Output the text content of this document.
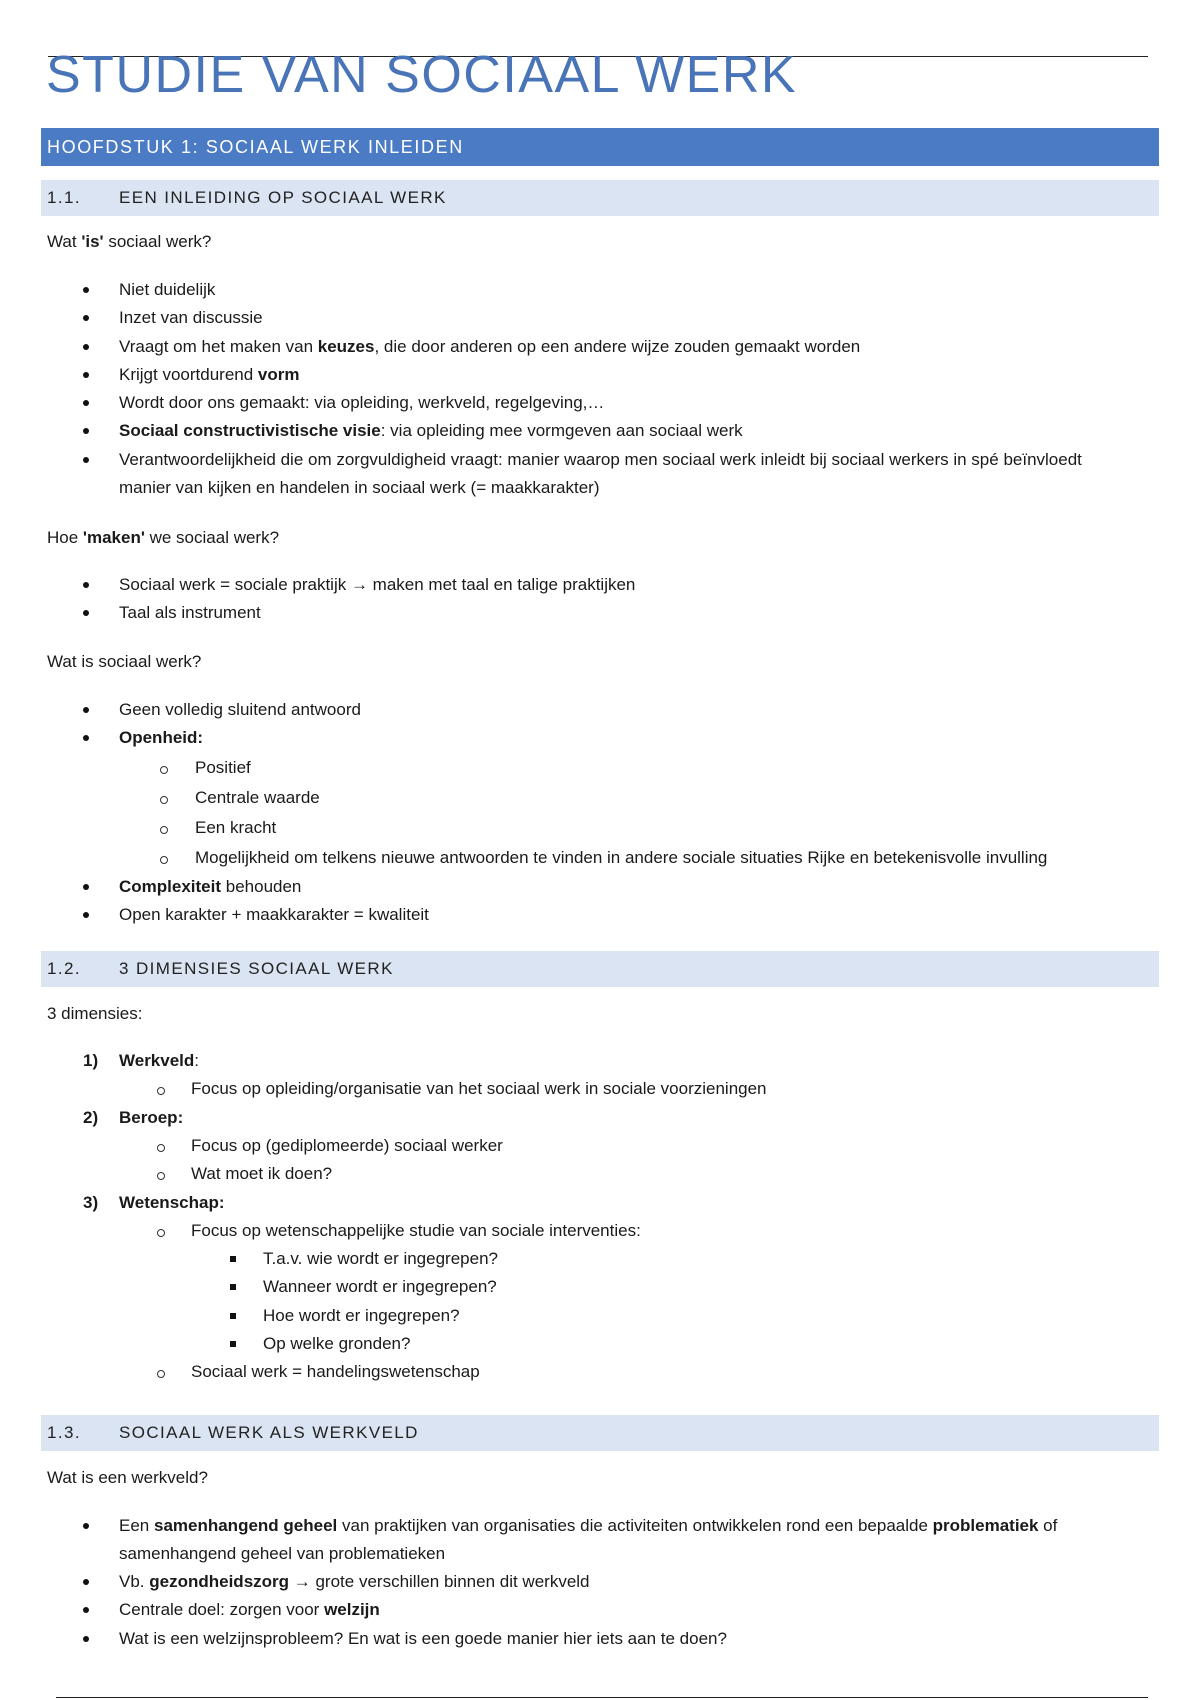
STUDIE VAN SOCIAAL WERK
HOOFDSTUK 1: SOCIAAL WERK INLEIDEN
1.1. EEN INLEIDING OP SOCIAAL WERK
Wat 'is' sociaal werk?
Niet duidelijk
Inzet van discussie
Vraagt om het maken van keuzes, die door anderen op een andere wijze zouden gemaakt worden
Krijgt voortdurend vorm
Wordt door ons gemaakt: via opleiding, werkveld, regelgeving,…
Sociaal constructivistische visie: via opleiding mee vormgeven aan sociaal werk
Verantwoordelijkheid die om zorgvuldigheid vraagt: manier waarop men sociaal werk inleidt bij sociaal werkers in spé beïnvloedt manier van kijken en handelen in sociaal werk (= maakkarakter)
Hoe 'maken' we sociaal werk?
Sociaal werk = sociale praktijk → maken met taal en talige praktijken
Taal als instrument
Wat is sociaal werk?
Geen volledig sluitend antwoord
Openheid:
Positief
Centrale waarde
Een kracht
Mogelijkheid om telkens nieuwe antwoorden te vinden in andere sociale situaties Rijke en betekenisvolle invulling
Complexiteit behouden
Open karakter + maakkarakter = kwaliteit
1.2. 3 DIMENSIES SOCIAAL WERK
3 dimensies:
1) Werkveld:
Focus op opleiding/organisatie van het sociaal werk in sociale voorzieningen
2) Beroep:
Focus op (gediplomeerde) sociaal werker
Wat moet ik doen?
3) Wetenschap:
Focus op wetenschappelijke studie van sociale interventies:
T.a.v. wie wordt er ingegrepen?
Wanneer wordt er ingegrepen?
Hoe wordt er ingegrepen?
Op welke gronden?
Sociaal werk = handelingswetenschap
1.3. SOCIAAL WERK ALS WERKVELD
Wat is een werkveld?
Een samenhangend geheel van praktijken van organisaties die activiteiten ontwikkelen rond een bepaalde problematiek of samenhangend geheel van problematieken
Vb. gezondheidszorg → grote verschillen binnen dit werkveld
Centrale doel: zorgen voor welzijn
Wat is een welzijnsprobleem? En wat is een goede manier hier iets aan te doen?
